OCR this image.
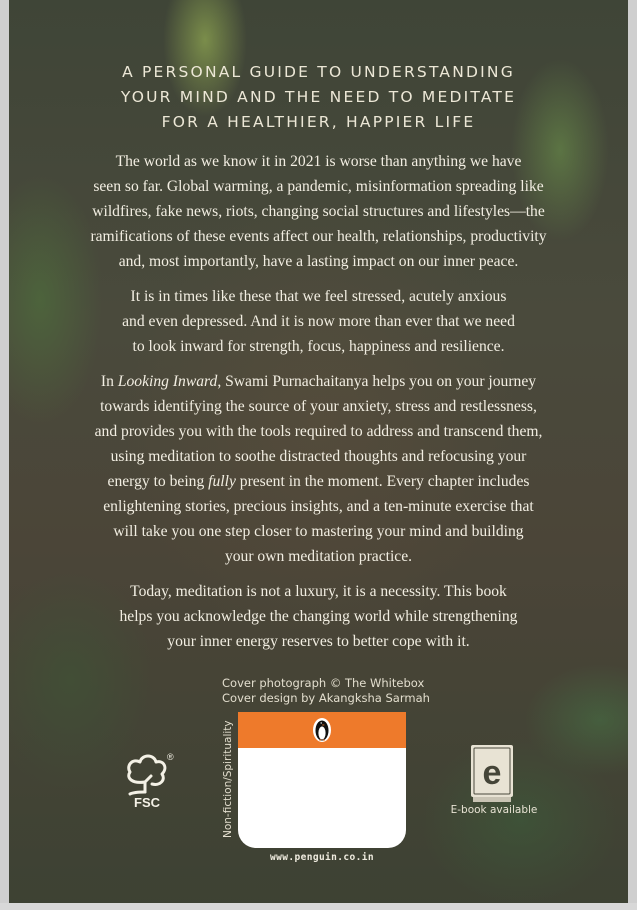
A PERSONAL GUIDE TO UNDERSTANDING
YOUR MIND AND THE NEED TO MEDITATE
FOR A HEALTHIER, HAPPIER LIFE

The world as we know it in 2021 is worse than anything we have
seen so far. Global warming, a pandemic, misinformation spreading like
wildfires, fake news, riots, changing social structures and lifestyles—the
ramifications of these events affect our health, relationships, productivity
and, most importantly, have a lasting impact on our inner peace.

It is in times like these that we feel stressed, acutely anxious
and even depressed. And it is now more than ever that we need
to look inward for strength, focus, happiness and resilience.

In Looking Inward, Swami Purnachaitanya helps you on your journey
towards identifying the source of your anxiety, stress and restlessness,
and provides you with the tools required to address and transcend them,
using meditation to soothe distracted thoughts and refocusing your
energy to being fully present in the moment. Every chapter includes
enlightening stories, precious insights, and a ten-minute exercise that
will take you one step closer to mastering your mind and building
your own meditation practice.

Today, meditation is not a luxury, it is a necessity. This book
helps you acknowledge the changing world while strengthening
your inner energy reserves to better cope with it.

Cover photograph © The Whitebox
Cover design by Akangksha Sarmah
Non-fiction/Spirituality
www.penguin.co.in
®
FSC
e
E-book available
